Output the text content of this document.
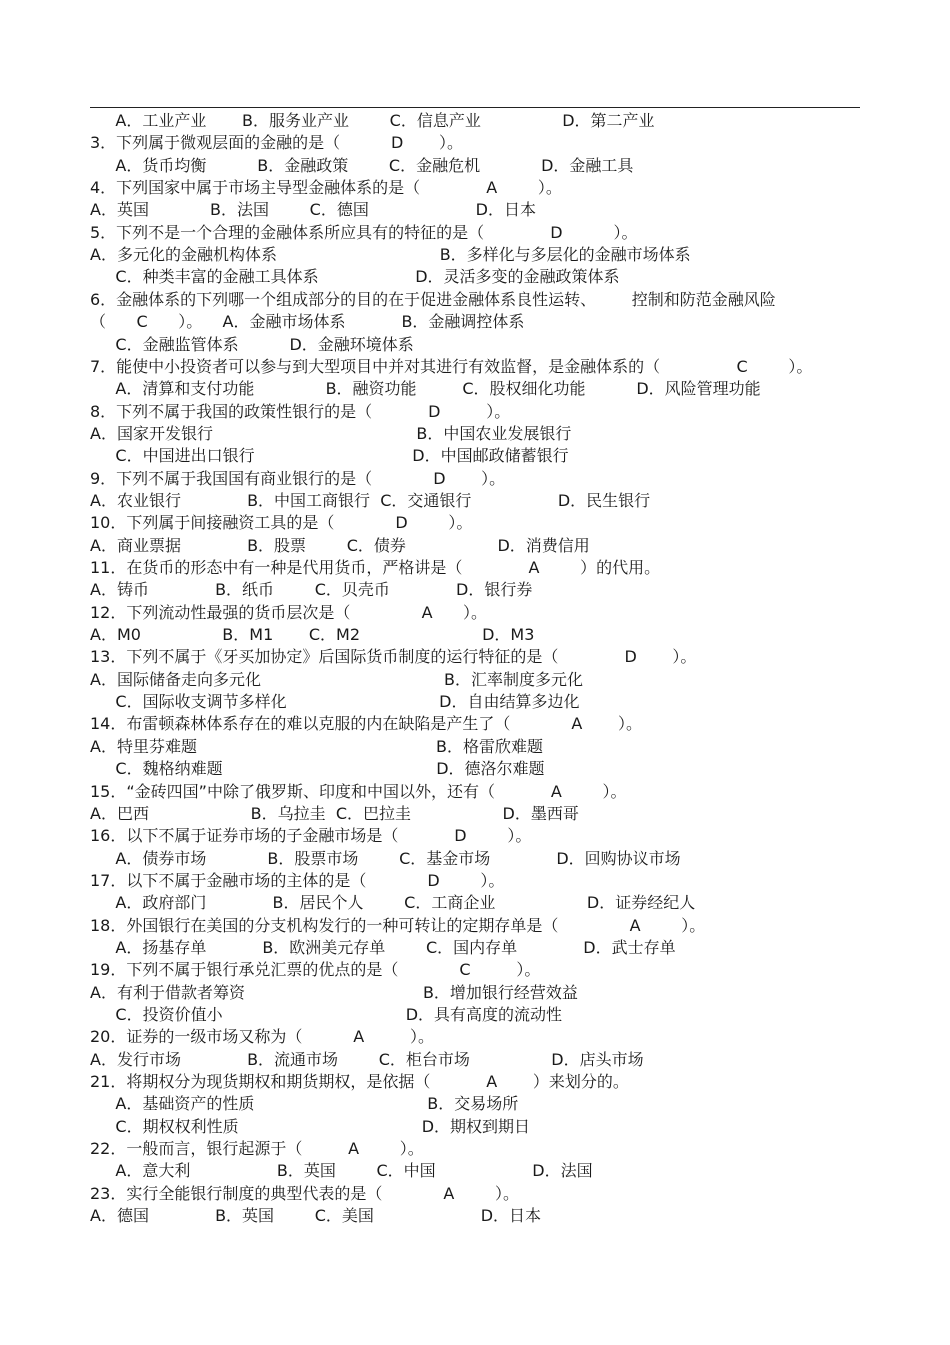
A．工业产业       B．服务业产业        C．信息产业                D．第二产业
3．下列属于微观层面的金融的是（          D       ）。
A．货币均衡          B．金融政策        C．金融危机            D．金融工具
4．下列国家中属于市场主导型金融体系的是（             A        ）。
A．英国            B．法国        C．德国                     D．日本
5．下列不是一个合理的金融体系所应具有的特征的是（             D          ）。
A．多元化的金融机构体系                                B．多样化与多层化的金融市场体系
C．种类丰富的金融工具体系                   D．灵活多变的金融政策体系
6．金融体系的下列哪一个组成部分的目的在于促进金融体系良性运转、       控制和防范金融风险
（      C      ）。    A．金融市场体系           B．金融调控体系
C．金融监管体系          D．金融环境体系
7．能使中小投资者可以参与到大型项目中并对其进行有效监督，是金融体系的（               C        ）。
A．清算和支付功能              B．融资功能         C．股权细化功能          D．风险管理功能
8．下列不属于我国的政策性银行的是（           D         ）。
A．国家开发银行                                        B．中国农业发展银行
C．中国进出口银行                               D．中国邮政储蓄银行
9．下列不属于我国国有商业银行的是（            D       ）。
A．农业银行             B．中国工商银行  C．交通银行                 D．民生银行
10．下列属于间接融资工具的是（            D        ）。
A．商业票据             B．股票        C．债券                  D．消费信用
11．在货币的形态中有一种是代用货币，严格讲是（             A        ）的代用。
A．铸币             B．纸币        C．贝壳币             D．银行券
12．下列流动性最强的货币层次是（              A      ）。
A．M0                B．M1       C．M2                        D．M3
13．下列不属于《牙买加协定》后国际货币制度的运行特征的是（             D       ）。
A．国际储备走向多元化                                    B．汇率制度多元化
C．国际收支调节多样化                              D．自由结算多边化
14．布雷顿森林体系存在的难以克服的内在缺陷是产生了（            A       ）。
A．特里芬难题                                               B．格雷欣难题
C．魏格纳难题                                          D．德洛尔难题
15．“金砖四国”中除了俄罗斯、印度和中国以外，还有（           A        ）。
A．巴西                    B．乌拉圭  C．巴拉圭                  D．墨西哥
16．以下不属于证券市场的子金融市场是（           D        ）。
A．债券市场            B．股票市场        C．基金市场             D．回购协议市场
17．以下不属于金融市场的主体的是（            D        ）。
A．政府部门             B．居民个人        C．工商企业                  D．证券经纪人
18．外国银行在美国的分支机构发行的一种可转让的定期存单是（              A        ）。
A．扬基存单           B．欧洲美元存单        C．国内存单             D．武士存单
19．下列不属于银行承兑汇票的优点的是（            C         ）。
A．有利于借款者筹资                                   B．增加银行经营效益
C．投资价值小                                    D．具有高度的流动性
20．证券的一级市场又称为（          A         ）。
A．发行市场             B．流通市场        C．柜台市场                D．店头市场
21．将期权分为现货期权和期货期权，是依据（           A       ）来划分的。
A．基础资产的性质                                  B．交易场所
C．期权权利性质                                    D．期权到期日
22．一般而言，银行起源于（         A        ）。
A．意大利                 B．英国        C．中国                   D．法国
23．实行全能银行制度的典型代表的是（            A        ）。
A．德国             B．英国        C．美国                     D．日本
